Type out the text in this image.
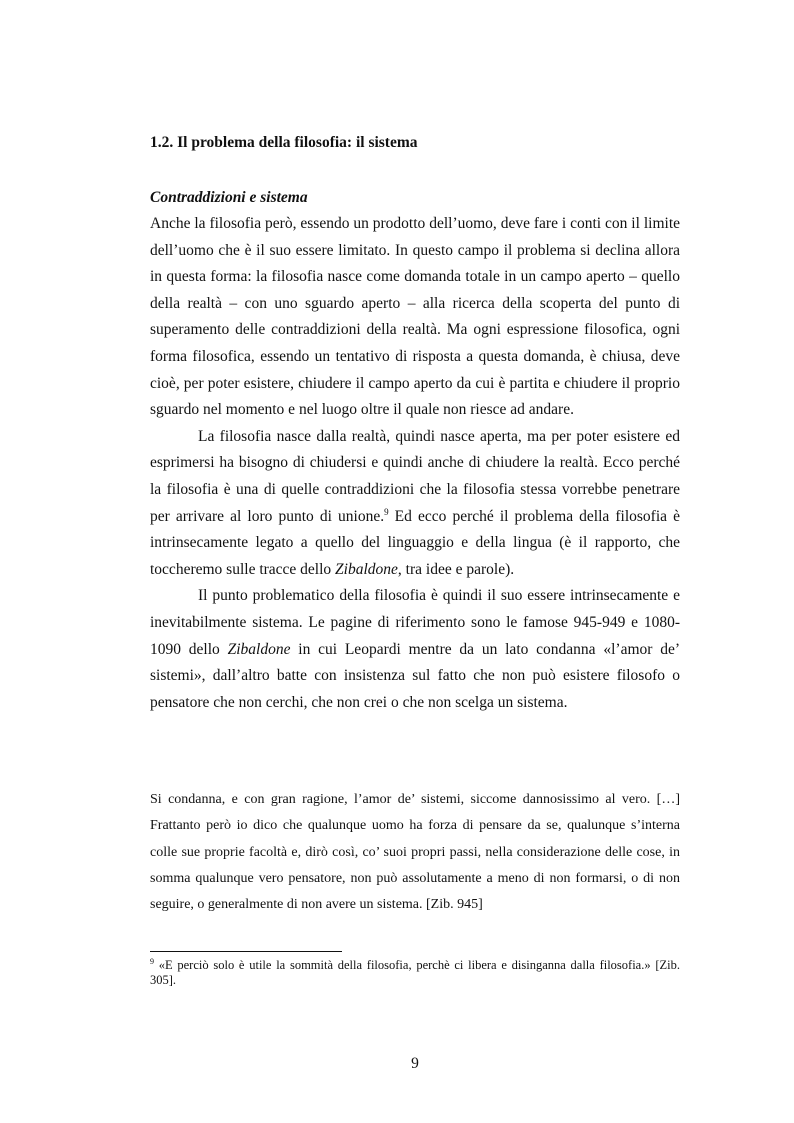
1.2. Il problema della filosofia: il sistema
Contraddizioni e sistema

Anche la filosofia però, essendo un prodotto dell’uomo, deve fare i conti con il limite dell’uomo che è il suo essere limitato. In questo campo il problema si declina allora in questa forma: la filosofia nasce come domanda totale in un campo aperto – quello della realtà – con uno sguardo aperto – alla ricerca della scoperta del punto di superamento delle contraddizioni della realtà. Ma ogni espressione filosofica, ogni forma filosofica, essendo un tentativo di risposta a questa domanda, è chiusa, deve cioè, per poter esistere, chiudere il campo aperto da cui è partita e chiudere il proprio sguardo nel momento e nel luogo oltre il quale non riesce ad andare.

La filosofia nasce dalla realtà, quindi nasce aperta, ma per poter esistere ed esprimersi ha bisogno di chiudersi e quindi anche di chiudere la realtà. Ecco perché la filosofia è una di quelle contraddizioni che la filosofia stessa vorrebbe penetrare per arrivare al loro punto di unione.$^9$ Ed ecco perché il problema della filosofia è intrinsecamente legato a quello del linguaggio e della lingua (è il rapporto, che toccheremo sulle tracce dello Zibaldone, tra idee e parole).

Il punto problematico della filosofia è quindi il suo essere intrinsecamente e inevitabilmente sistema. Le pagine di riferimento sono le famose 945-949 e 1080-1090 dello Zibaldone in cui Leopardi mentre da un lato condanna «l’amor de’ sistemi», dall’altro batte con insistenza sul fatto che non può esistere filosofo o pensatore che non cerchi, che non crei o che non scelga un sistema.

Si condanna, e con gran ragione, l’amor de’ sistemi, siccome dannosissimo al vero. […] Frattanto però io dico che qualunque uomo ha forza di pensare da se, qualunque s’interna colle sue proprie facoltà e, dirò così, co’ suoi propri passi, nella considerazione delle cose, in somma qualunque vero pensatore, non può assolutamente a meno di non formarsi, o di non seguire, o generalmente di non avere un sistema. [Zib. 945]

$^9$ «E perciò solo è utile la sommità della filosofia, perchè ci libera e disinganna dalla filosofia.» [Zib. 305].

9
